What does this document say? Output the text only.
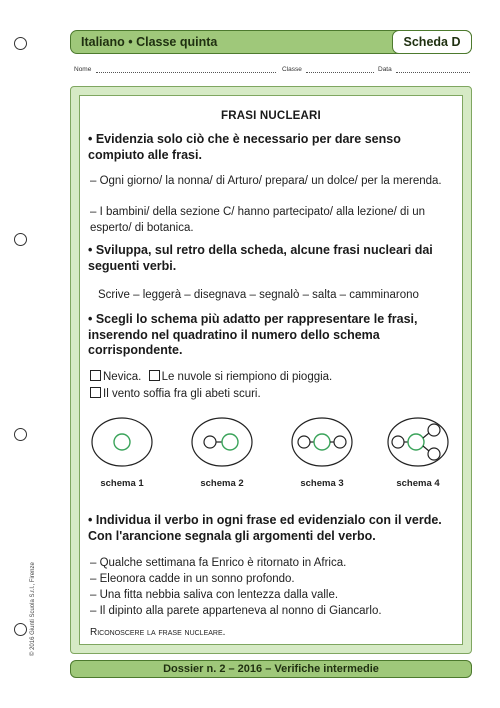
Italiano • Classe quinta	Scheda D
Nome	Classe	Data
FRASI NUCLEARI
• Evidenzia solo ciò che è necessario per dare senso compiuto alle frasi.
– Ogni giorno/ la nonna/ di Arturo/ prepara/ un dolce/ per la merenda.
– I bambini/ della sezione C/ hanno partecipato/ alla lezione/ di un esperto/ di botanica.
• Sviluppa, sul retro della scheda, alcune frasi nucleari dai seguenti verbi.
Scrive – leggerà – disegnava – segnalò – salta – camminarono
• Scegli lo schema più adatto per rappresentare le frasi, inserendo nel quadratino il numero dello schema corrispondente.
Nevica. Le nuvole si riempiono di pioggia.
Il vento soffia fra gli abeti scuri.
schema 1	schema 2	schema 3	schema 4
• Individua il verbo in ogni frase ed evidenzialo con il verde. Con l'arancione segnala gli argomenti del verbo.
– Qualche settimana fa Enrico è ritornato in Africa.
– Eleonora cadde in un sonno profondo.
– Una fitta nebbia saliva con lentezza dalla valle.
– Il dipinto alla parete apparteneva al nonno di Giancarlo.
Riconoscere la frase nucleare.
© 2016 Giunti Scuola S.r.l., Firenze
Dossier n. 2 – 2016 – Verifiche intermedie
